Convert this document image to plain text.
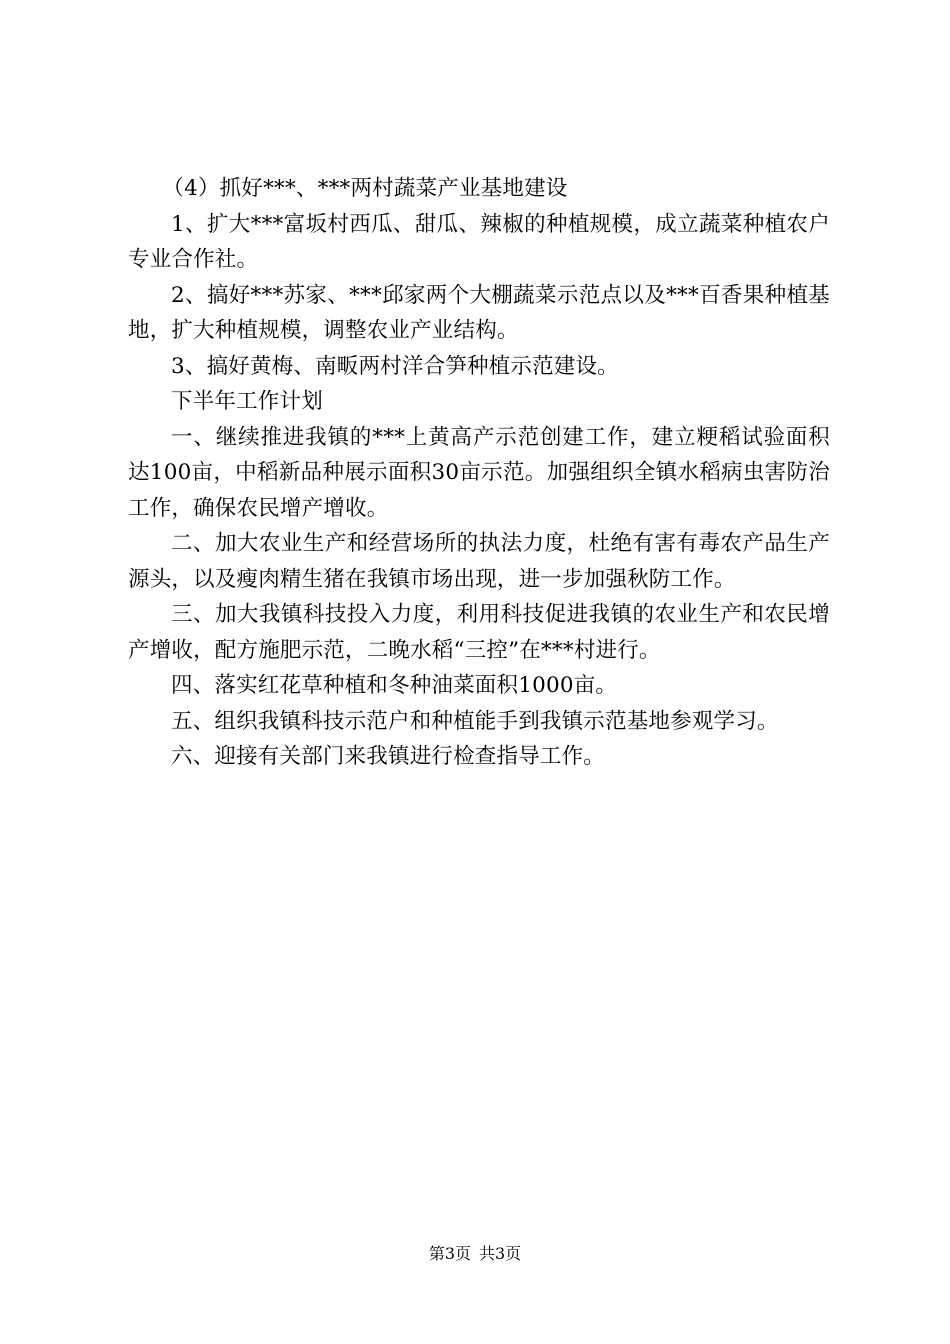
（4）抓好***、***两村蔬菜产业基地建设

1、扩大***富坂村西瓜、甜瓜、辣椒的种植规模，成立蔬菜种植农户专业合作社。

2、搞好***苏家、***邱家两个大棚蔬菜示范点以及***百香果种植基地，扩大种植规模，调整农业产业结构。

3、搞好黄梅、南畈两村洋合笋种植示范建设。

下半年工作计划

一、继续推进我镇的***上黄高产示范创建工作，建立粳稻试验面积达100亩，中稻新品种展示面积30亩示范。加强组织全镇水稻病虫害防治工作，确保农民增产增收。

二、加大农业生产和经营场所的执法力度，杜绝有害有毒农产品生产源头，以及瘦肉精生猪在我镇市场出现，进一步加强秋防工作。

三、加大我镇科技投入力度，利用科技促进我镇的农业生产和农民增产增收，配方施肥示范，二晚水稻“三控”在***村进行。

四、落实红花草种植和冬种油菜面积1000亩。

五、组织我镇科技示范户和种植能手到我镇示范基地参观学习。

六、迎接有关部门来我镇进行检查指导工作。

第3页 共3页
